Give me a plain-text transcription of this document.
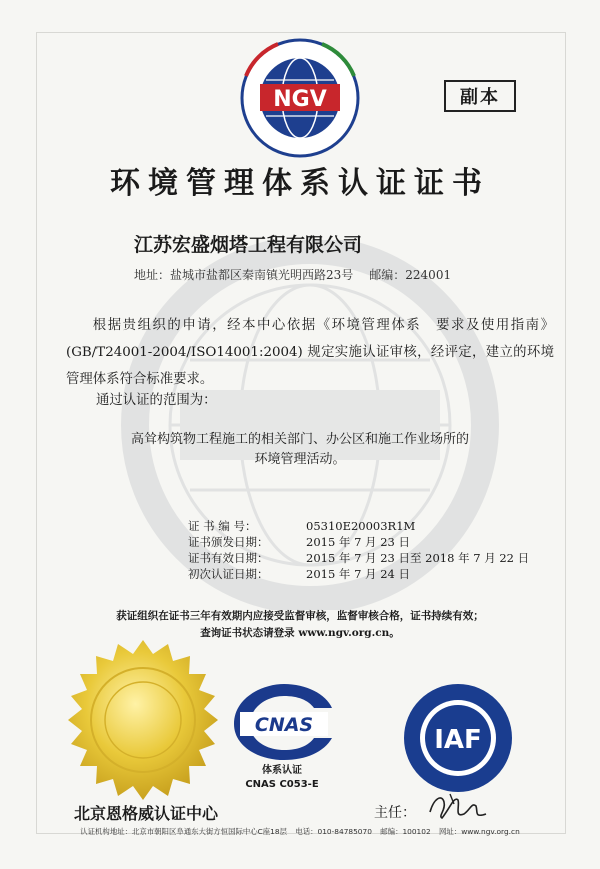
NGV	副本
环境管理体系认证证书
江苏宏盛烟塔工程有限公司
地址：盐城市盐都区秦南镇光明西路23号 邮编：224001
根据贵组织的申请，经本中心依据《环境管理体系　要求及使用指南》(GB/T24001-2004/ISO14001:2004) 规定实施认证审核，经评定，建立的环境管理体系符合标准要求。
通过认证的范围为：
高耸构筑物工程施工的相关部门、办公区和施工作业场所的
环境管理活动。
证 书 编 号：	05310E20003R1M
证书颁发日期：	2015 年 7 月 23 日
证书有效日期：	2015 年 7 月 23 日至 2018 年 7 月 22 日
初次认证日期：	2015 年 7 月 24 日
获证组织在证书三年有效期内应接受监督审核，监督审核合格，证书持续有效；
查询证书状态请登录 www.ngv.org.cn。
CNAS
体系认证
CNAS C053-E
IAF
北京恩格威认证中心	主任：
认证机构地址：北京市朝阳区阜通东大街方恒国际中心C座18层 电话：010-84785070 邮编：100102 网址：www.ngv.org.cn
